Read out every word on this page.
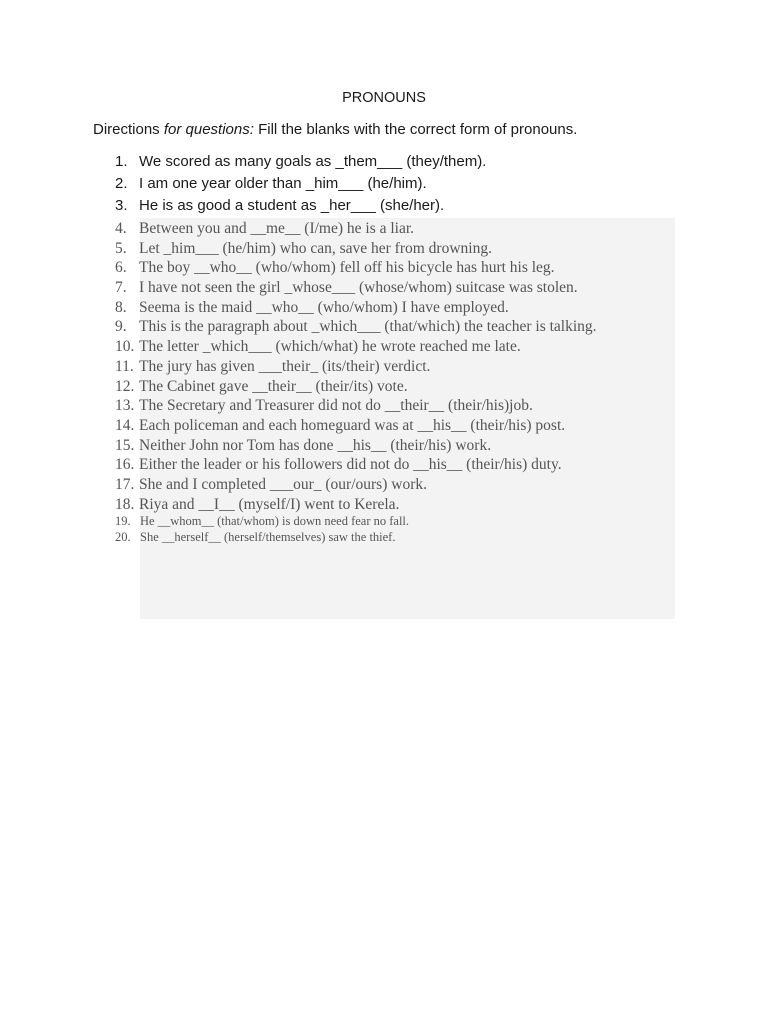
PRONOUNS

Directions for questions: Fill the blanks with the correct form of pronouns.

1. We scored as many goals as _them___ (they/them).
2. I am one year older than _him___ (he/him).
3. He is as good a student as _her___ (she/her).
4. Between you and __me__ (I/me) he is a liar.
5. Let _him___ (he/him) who can, save her from drowning.
6. The boy __who__ (who/whom) fell off his bicycle has hurt his leg.
7. I have not seen the girl _whose___ (whose/whom) suitcase was stolen.
8. Seema is the maid __who__ (who/whom) I have employed.
9. This is the paragraph about _which___ (that/which) the teacher is talking.
10. The letter _which___ (which/what) he wrote reached me late.
11. The jury has given ___their_ (its/their) verdict.
12. The Cabinet gave __their__ (their/its) vote.
13. The Secretary and Treasurer did not do __their__ (their/his)job.
14. Each policeman and each homeguard was at __his__ (their/his) post.
15. Neither John nor Tom has done __his__ (their/his) work.
16. Either the leader or his followers did not do __his__ (their/his) duty.
17. She and I completed ___our_ (our/ours) work.
18. Riya and __I__ (myself/I) went to Kerela.
19. He __whom__ (that/whom) is down need fear no fall.
20. She __herself__ (herself/themselves) saw the thief.
